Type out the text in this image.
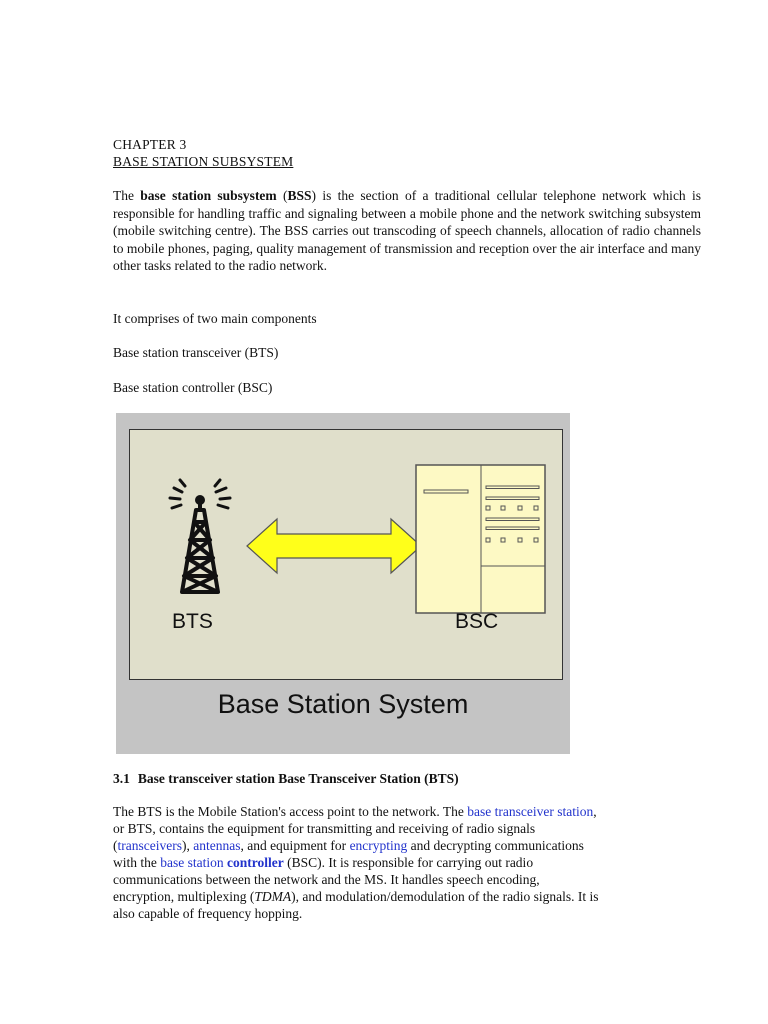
CHAPTER 3
BASE STATION SUBSYSTEM

The base station subsystem (BSS) is the section of a traditional cellular telephone network which is responsible for handling traffic and signaling between a mobile phone and the network switching subsystem (mobile switching centre). The BSS carries out transcoding of speech channels, allocation of radio channels to mobile phones, paging, quality management of transmission and reception over the air interface and many other tasks related to the radio network.

It comprises of two main components
Base station transceiver (BTS)
Base station controller (BSC)
3.1 Base transceiver station Base Transceiver Station (BTS)

The BTS is the Mobile Station's access point to the network. The base transceiver station,
or BTS, contains the equipment for transmitting and receiving of radio signals
(transceivers), antennas, and equipment for encrypting and decrypting communications
with the base station controller (BSC). It is responsible for carrying out radio
communications between the network and the MS. It handles speech encoding,
encryption, multiplexing (TDMA), and modulation/demodulation of the radio signals. It is
also capable of frequency hopping.

BTS	BSC
Base Station System
